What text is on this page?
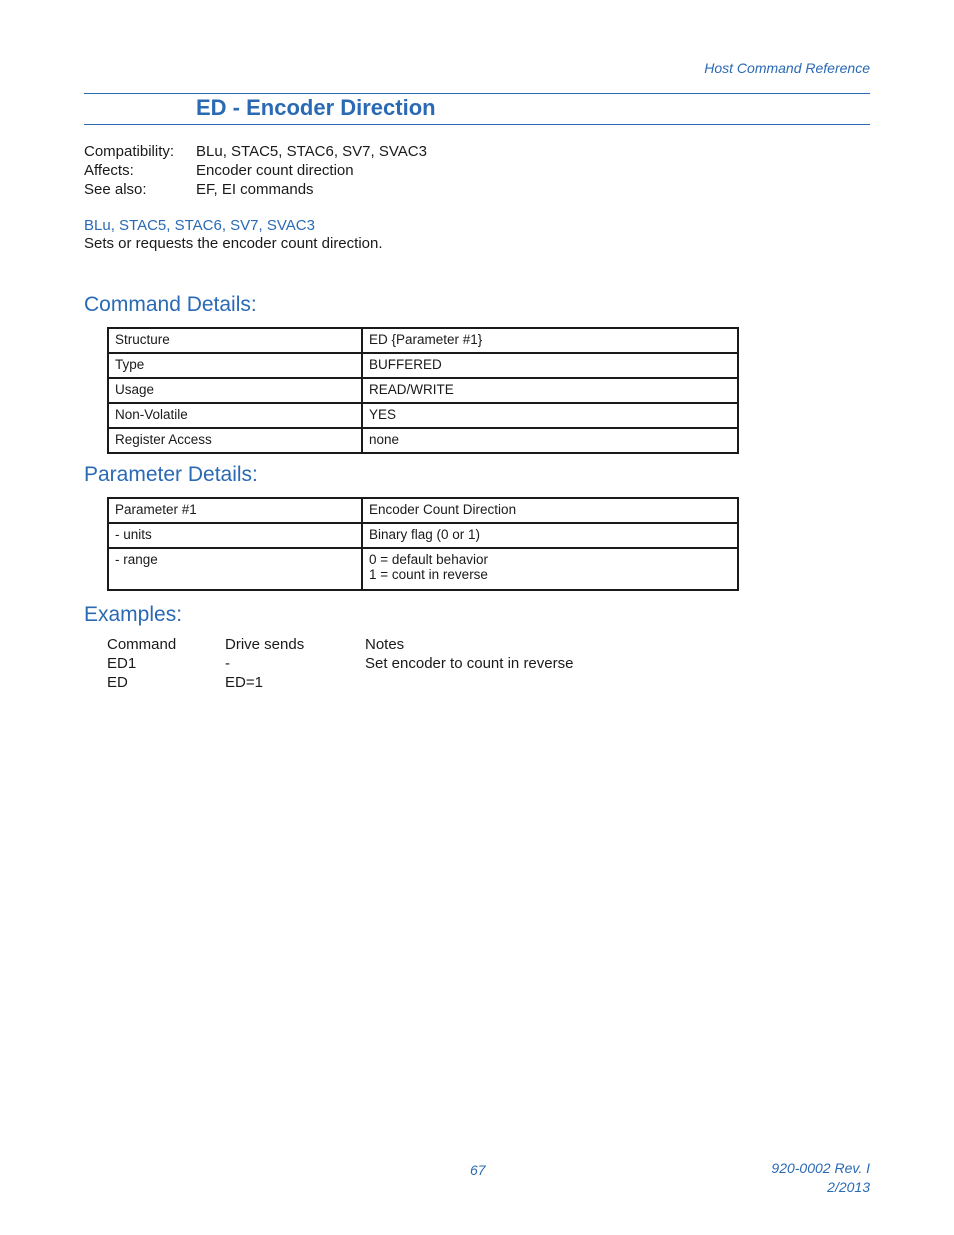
Host Command Reference
ED - Encoder Direction
Compatibility:	BLu, STAC5, STAC6, SV7, SVAC3
Affects:	Encoder count direction
See also:	EF, EI commands
BLu, STAC5, STAC6, SV7, SVAC3
Sets or requests the encoder count direction.
Command Details:
Structure	ED {Parameter #1}
Type	BUFFERED
Usage	READ/WRITE
Non-Volatile	YES
Register Access	none
Parameter Details:
Parameter #1	Encoder Count Direction
- units	Binary flag (0 or 1)
- range	0 = default behavior
1 = count in reverse
Examples:
Command	Drive sends	Notes
ED1	-	Set encoder to count in reverse
ED	ED=1
67	920-0002 Rev. I
2/2013
